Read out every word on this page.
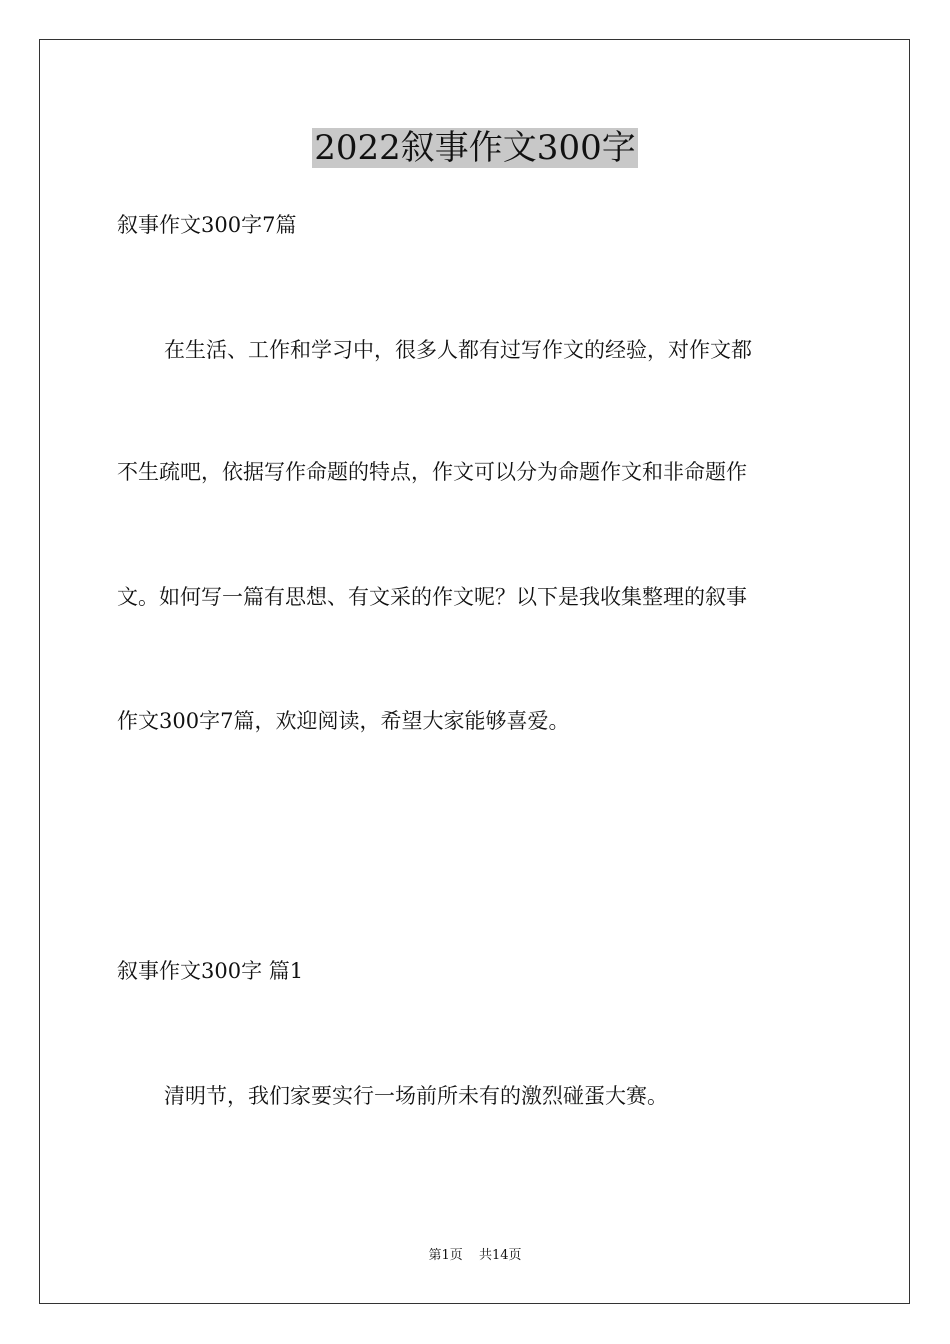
2022叙事作文300字
叙事作文300字7篇
在生活、工作和学习中，很多人都有过写作文的经验，对作文都
不生疏吧，依据写作命题的特点，作文可以分为命题作文和非命题作
文。如何写一篇有思想、有文采的作文呢？以下是我收集整理的叙事
作文300字7篇，欢迎阅读，希望大家能够喜爱。
叙事作文300字 篇1
清明节，我们家要实行一场前所未有的激烈碰蛋大赛。
第1页 共14页
